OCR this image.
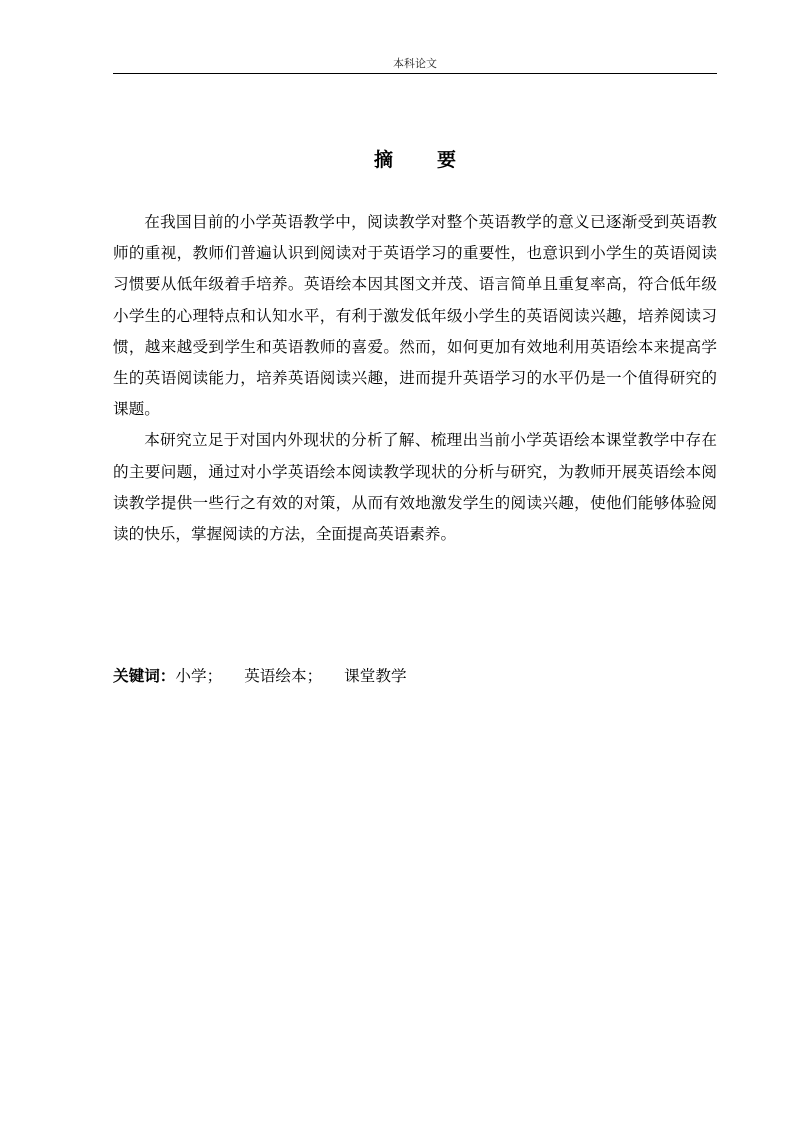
本科论文
摘 要

在我国目前的小学英语教学中，阅读教学对整个英语教学的意义已逐渐受到英语教师的重视，教师们普遍认识到阅读对于英语学习的重要性，也意识到小学生的英语阅读习惯要从低年级着手培养。英语绘本因其图文并茂、语言简单且重复率高，符合低年级小学生的心理特点和认知水平，有利于激发低年级小学生的英语阅读兴趣，培养阅读习惯，越来越受到学生和英语教师的喜爱。然而，如何更加有效地利用英语绘本来提高学生的英语阅读能力，培养英语阅读兴趣，进而提升英语学习的水平仍是一个值得研究的课题。

本研究立足于对国内外现状的分析了解、梳理出当前小学英语绘本课堂教学中存在的主要问题，通过对小学英语绘本阅读教学现状的分析与研究，为教师开展英语绘本阅读教学提供一些行之有效的对策，从而有效地激发学生的阅读兴趣，使他们能够体验阅读的快乐，掌握阅读的方法，全面提高英语素养。

关键词：小学； 英语绘本； 课堂教学
